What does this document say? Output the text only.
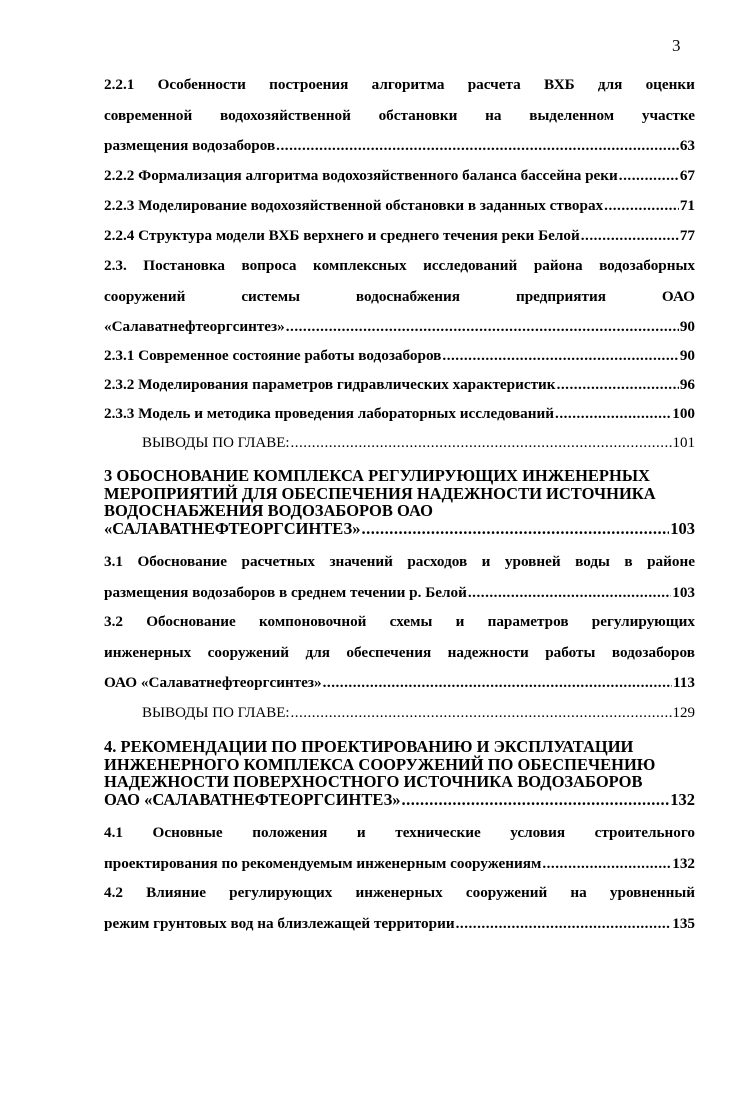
3
2.2.1 Особенности построения алгоритма расчета ВХБ для оценки
современной водохозяйственной обстановки на выделенном участке
размещения водозаборов .....	63
2.2.2 Формализация алгоритма водохозяйственного баланса бассейна реки .....	67
2.2.3 Моделирование водохозяйственной обстановки в заданных створах .....	71
2.2.4 Структура модели ВХБ верхнего и среднего течения реки Белой .....	77
2.3. Постановка вопроса комплексных исследований района водозаборных
сооружений	системы	водоснабжения	предприятия	ОАО
«Салаватнефтеоргсинтез» .....	90
2.3.1 Современное состояние работы водозаборов .....	90
2.3.2 Моделирования параметров гидравлических характеристик .....	96
2.3.3 Модель и методика проведения лабораторных исследований .....	100
ВЫВОДЫ ПО ГЛАВЕ: .....	101
3 ОБОСНОВАНИЕ КОМПЛЕКСА РЕГУЛИРУЮЩИХ ИНЖЕНЕРНЫХ
МЕРОПРИЯТИЙ ДЛЯ ОБЕСПЕЧЕНИЯ НАДЕЖНОСТИ ИСТОЧНИКА
ВОДОСНАБЖЕНИЯ ВОДОЗАБОРОВ ОАО
«САЛАВАТНЕФТЕОРГСИНТЕЗ» .....	103
3.1 Обоснование расчетных значений расходов и уровней воды в районе
размещения водозаборов в среднем течении р. Белой .....	103
3.2 Обоснование компоновочной схемы и параметров регулирующих
инженерных сооружений для обеспечения надежности работы водозаборов
ОАО «Салаватнефтеоргсинтез» .....	113
ВЫВОДЫ ПО ГЛАВЕ: .....	129
4. РЕКОМЕНДАЦИИ ПО ПРОЕКТИРОВАНИЮ И ЭКСПЛУАТАЦИИ
ИНЖЕНЕРНОГО КОМПЛЕКСА СООРУЖЕНИЙ ПО ОБЕСПЕЧЕНИЮ
НАДЕЖНОСТИ ПОВЕРХНОСТНОГО ИСТОЧНИКА ВОДОЗАБОРОВ
ОАО «САЛАВАТНЕФТЕОРГСИНТЕЗ» .....	132
4.1 Основные положения и технические условия строительного
проектирования по рекомендуемым инженерным сооружениям .....	132
4.2 Влияние регулирующих инженерных сооружений на уровненный
режим грунтовых вод на близлежащей территории .....	135
